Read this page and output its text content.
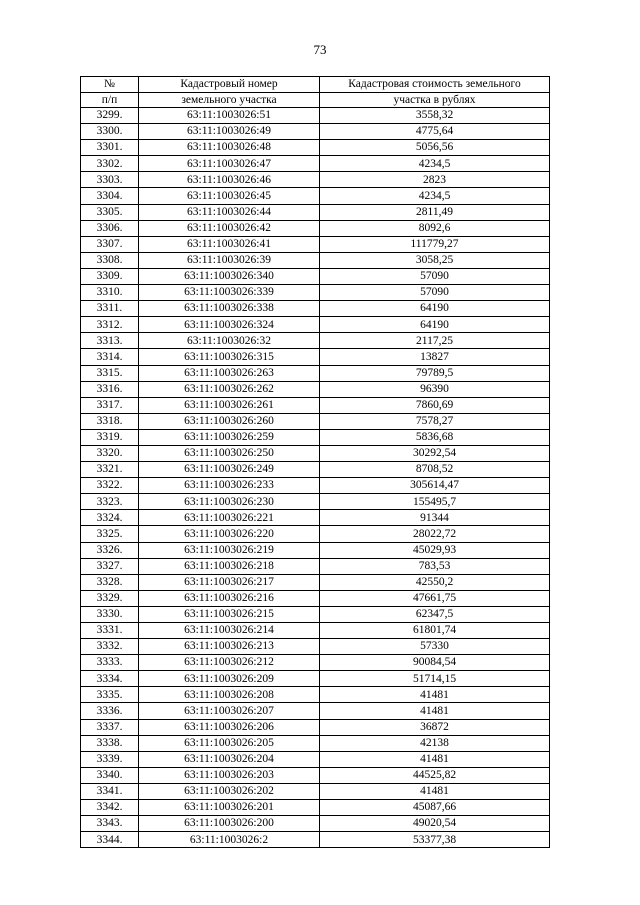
73
№	Кадастровый номер	Кадастровая стоимость земельного
п/п	земельного участка	участка в рублях
3299.	63:11:1003026:51	3558,32
3300.	63:11:1003026:49	4775,64
3301.	63:11:1003026:48	5056,56
3302.	63:11:1003026:47	4234,5
3303.	63:11:1003026:46	2823
3304.	63:11:1003026:45	4234,5
3305.	63:11:1003026:44	2811,49
3306.	63:11:1003026:42	8092,6
3307.	63:11:1003026:41	111779,27
3308.	63:11:1003026:39	3058,25
3309.	63:11:1003026:340	57090
3310.	63:11:1003026:339	57090
3311.	63:11:1003026:338	64190
3312.	63:11:1003026:324	64190
3313.	63:11:1003026:32	2117,25
3314.	63:11:1003026:315	13827
3315.	63:11:1003026:263	79789,5
3316.	63:11:1003026:262	96390
3317.	63:11:1003026:261	7860,69
3318.	63:11:1003026:260	7578,27
3319.	63:11:1003026:259	5836,68
3320.	63:11:1003026:250	30292,54
3321.	63:11:1003026:249	8708,52
3322.	63:11:1003026:233	305614,47
3323.	63:11:1003026:230	155495,7
3324.	63:11:1003026:221	91344
3325.	63:11:1003026:220	28022,72
3326.	63:11:1003026:219	45029,93
3327.	63:11:1003026:218	783,53
3328.	63:11:1003026:217	42550,2
3329.	63:11:1003026:216	47661,75
3330.	63:11:1003026:215	62347,5
3331.	63:11:1003026:214	61801,74
3332.	63:11:1003026:213	57330
3333.	63:11:1003026:212	90084,54
3334.	63:11:1003026:209	51714,15
3335.	63:11:1003026:208	41481
3336.	63:11:1003026:207	41481
3337.	63:11:1003026:206	36872
3338.	63:11:1003026:205	42138
3339.	63:11:1003026:204	41481
3340.	63:11:1003026:203	44525,82
3341.	63:11:1003026:202	41481
3342.	63:11:1003026:201	45087,66
3343.	63:11:1003026:200	49020,54
3344.	63:11:1003026:2	53377,38
